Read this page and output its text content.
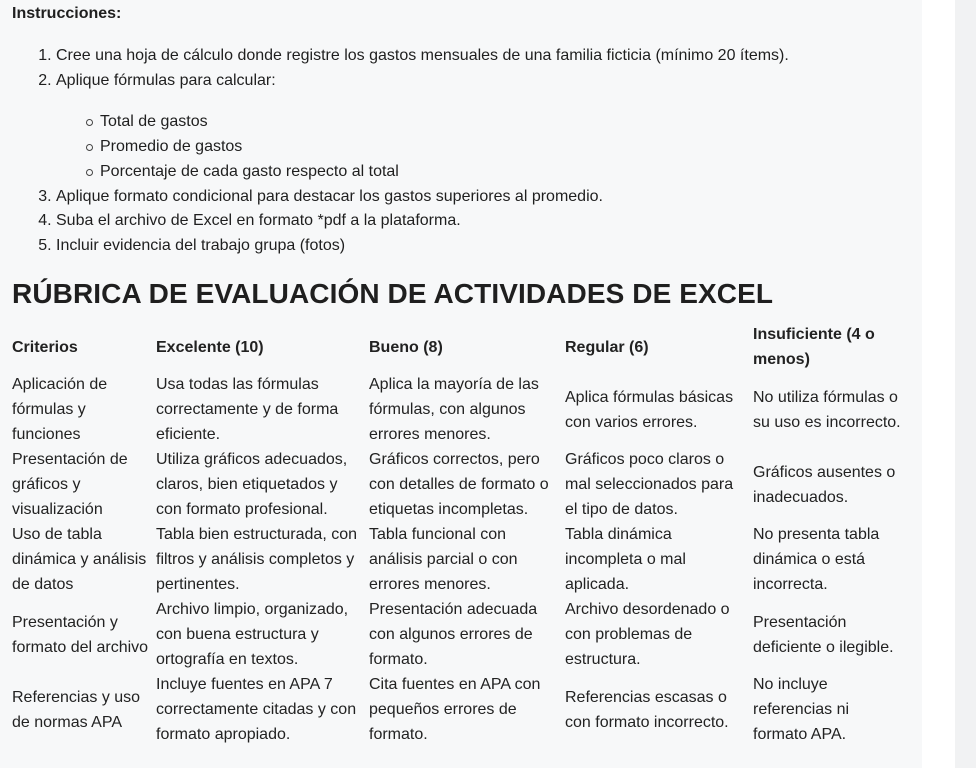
Instrucciones:
1. Cree una hoja de cálculo donde registre los gastos mensuales de una familia ficticia (mínimo 20 ítems).
2. Aplique fórmulas para calcular:
Total de gastos
Promedio de gastos
Porcentaje de cada gasto respecto al total
3. Aplique formato condicional para destacar los gastos superiores al promedio.
4. Suba el archivo de Excel en formato *pdf a la plataforma.
5. Incluir evidencia del trabajo grupa (fotos)
RÚBRICA DE EVALUACIÓN DE ACTIVIDADES DE EXCEL
Criterios	Excelente (10)	Bueno (8)	Regular (6)	Insuficiente (4 o menos)
Aplicación de fórmulas y funciones	Usa todas las fórmulas correctamente y de forma eficiente.	Aplica la mayoría de las fórmulas, con algunos errores menores.	Aplica fórmulas básicas con varios errores.	No utiliza fórmulas o su uso es incorrecto.
Presentación de gráficos y visualización	Utiliza gráficos adecuados, claros, bien etiquetados y con formato profesional.	Gráficos correctos, pero con detalles de formato o etiquetas incompletas.	Gráficos poco claros o mal seleccionados para el tipo de datos.	Gráficos ausentes o inadecuados.
Uso de tabla dinámica y análisis de datos	Tabla bien estructurada, con filtros y análisis completos y pertinentes.	Tabla funcional con análisis parcial o con errores menores.	Tabla dinámica incompleta o mal aplicada.	No presenta tabla dinámica o está incorrecta.
Presentación y formato del archivo	Archivo limpio, organizado, con buena estructura y ortografía en textos.	Presentación adecuada con algunos errores de formato.	Archivo desordenado o con problemas de estructura.	Presentación deficiente o ilegible.
Referencias y uso de normas APA	Incluye fuentes en APA 7 correctamente citadas y con formato apropiado.	Cita fuentes en APA con pequeños errores de formato.	Referencias escasas o con formato incorrecto.	No incluye referencias ni formato APA.
